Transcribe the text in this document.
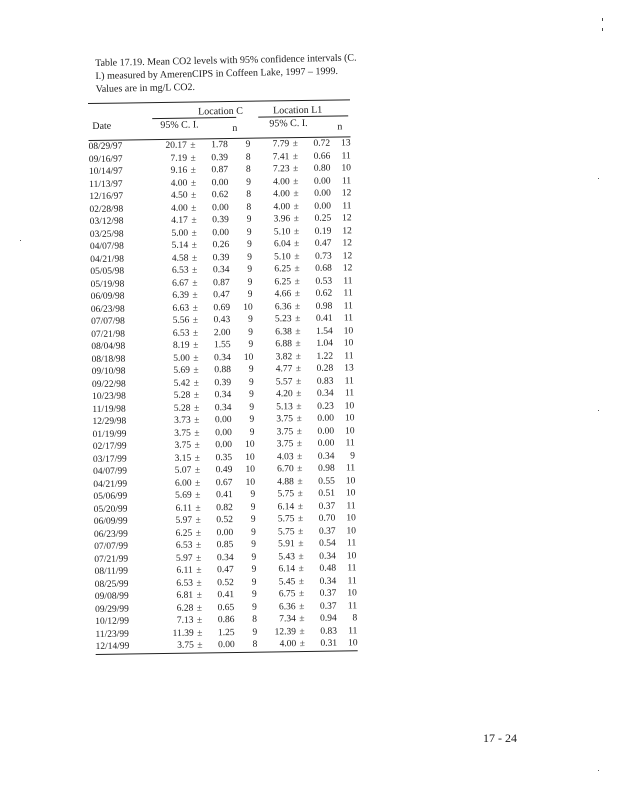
Table 17.19. Mean CO2 levels with 95% confidence intervals (C.
I.) measured by AmerenCIPS in Coffeen Lake, 1997 – 1999.
Values are in mg/L CO2.
Location C	Location L1
Date	95% C. I.	n	95% C. I.	n
08/29/97	20.17	±	1.78	9	7.79	±	0.72	13
09/16/97	7.19	±	0.39	8	7.41	±	0.66	11
10/14/97	9.16	±	0.87	8	7.23	±	0.80	10
11/13/97	4.00	±	0.00	9	4.00	±	0.00	11
12/16/97	4.50	±	0.62	8	4.00	±	0.00	12
02/28/98	4.00	±	0.00	8	4.00	±	0.00	11
03/12/98	4.17	±	0.39	9	3.96	±	0.25	12
03/25/98	5.00	±	0.00	9	5.10	±	0.19	12
04/07/98	5.14	±	0.26	9	6.04	±	0.47	12
04/21/98	4.58	±	0.39	9	5.10	±	0.73	12
05/05/98	6.53	±	0.34	9	6.25	±	0.68	12
05/19/98	6.67	±	0.87	9	6.25	±	0.53	11
06/09/98	6.39	±	0.47	9	4.66	±	0.62	11
06/23/98	6.63	±	0.69	10	6.36	±	0.98	11
07/07/98	5.56	±	0.43	9	5.23	±	0.41	11
07/21/98	6.53	±	2.00	9	6.38	±	1.54	10
08/04/98	8.19	±	1.55	9	6.88	±	1.04	10
08/18/98	5.00	±	0.34	10	3.82	±	1.22	11
09/10/98	5.69	±	0.88	9	4.77	±	0.28	13
09/22/98	5.42	±	0.39	9	5.57	±	0.83	11
10/23/98	5.28	±	0.34	9	4.20	±	0.34	11
11/19/98	5.28	±	0.34	9	5.13	±	0.23	10
12/29/98	3.73	±	0.00	9	3.75	±	0.00	10
01/19/99	3.75	±	0.00	9	3.75	±	0.00	10
02/17/99	3.75	±	0.00	10	3.75	±	0.00	11
03/17/99	3.15	±	0.35	10	4.03	±	0.34	9
04/07/99	5.07	±	0.49	10	6.70	±	0.98	11
04/21/99	6.00	±	0.67	10	4.88	±	0.55	10
05/06/99	5.69	±	0.41	9	5.75	±	0.51	10
05/20/99	6.11	±	0.82	9	6.14	±	0.37	11
06/09/99	5.97	±	0.52	9	5.75	±	0.70	10
06/23/99	6.25	±	0.00	9	5.75	±	0.37	10
07/07/99	6.53	±	0.85	9	5.91	±	0.54	11
07/21/99	5.97	±	0.34	9	5.43	±	0.34	10
08/11/99	6.11	±	0.47	9	6.14	±	0.48	11
08/25/99	6.53	±	0.52	9	5.45	±	0.34	11
09/08/99	6.81	±	0.41	9	6.75	±	0.37	10
09/29/99	6.28	±	0.65	9	6.36	±	0.37	11
10/12/99	7.13	±	0.86	8	7.34	±	0.94	8
11/23/99	11.39	±	1.25	9	12.39	±	0.83	11
12/14/99	3.75	±	0.00	8	4.00	±	0.31	10
17 - 24
